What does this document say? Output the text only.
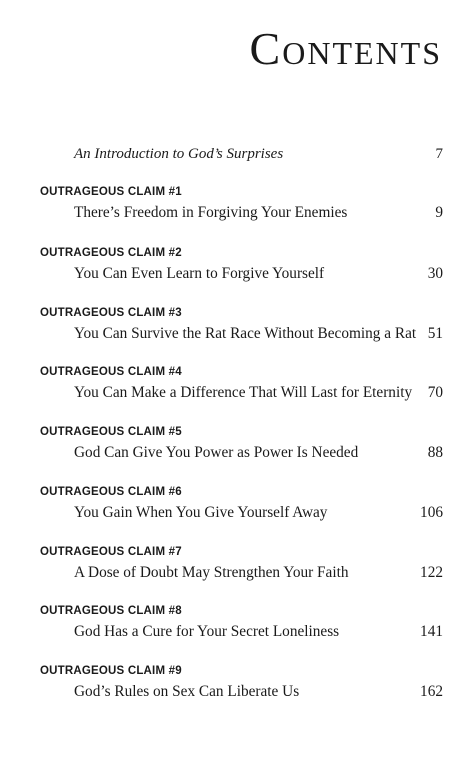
Contents
An Introduction to God’s Surprises	7
OUTRAGEOUS CLAIM #1
There’s Freedom in Forgiving Your Enemies	9
OUTRAGEOUS CLAIM #2
You Can Even Learn to Forgive Yourself	30
OUTRAGEOUS CLAIM #3
You Can Survive the Rat Race Without Becoming a Rat 51
OUTRAGEOUS CLAIM #4
You Can Make a Difference That Will Last for Eternity 70
OUTRAGEOUS CLAIM #5
God Can Give You Power as Power Is Needed	88
OUTRAGEOUS CLAIM #6
You Gain When You Give Yourself Away	106
OUTRAGEOUS CLAIM #7
A Dose of Doubt May Strengthen Your Faith	122
OUTRAGEOUS CLAIM #8
God Has a Cure for Your Secret Loneliness	141
OUTRAGEOUS CLAIM #9
God’s Rules on Sex Can Liberate Us	162
